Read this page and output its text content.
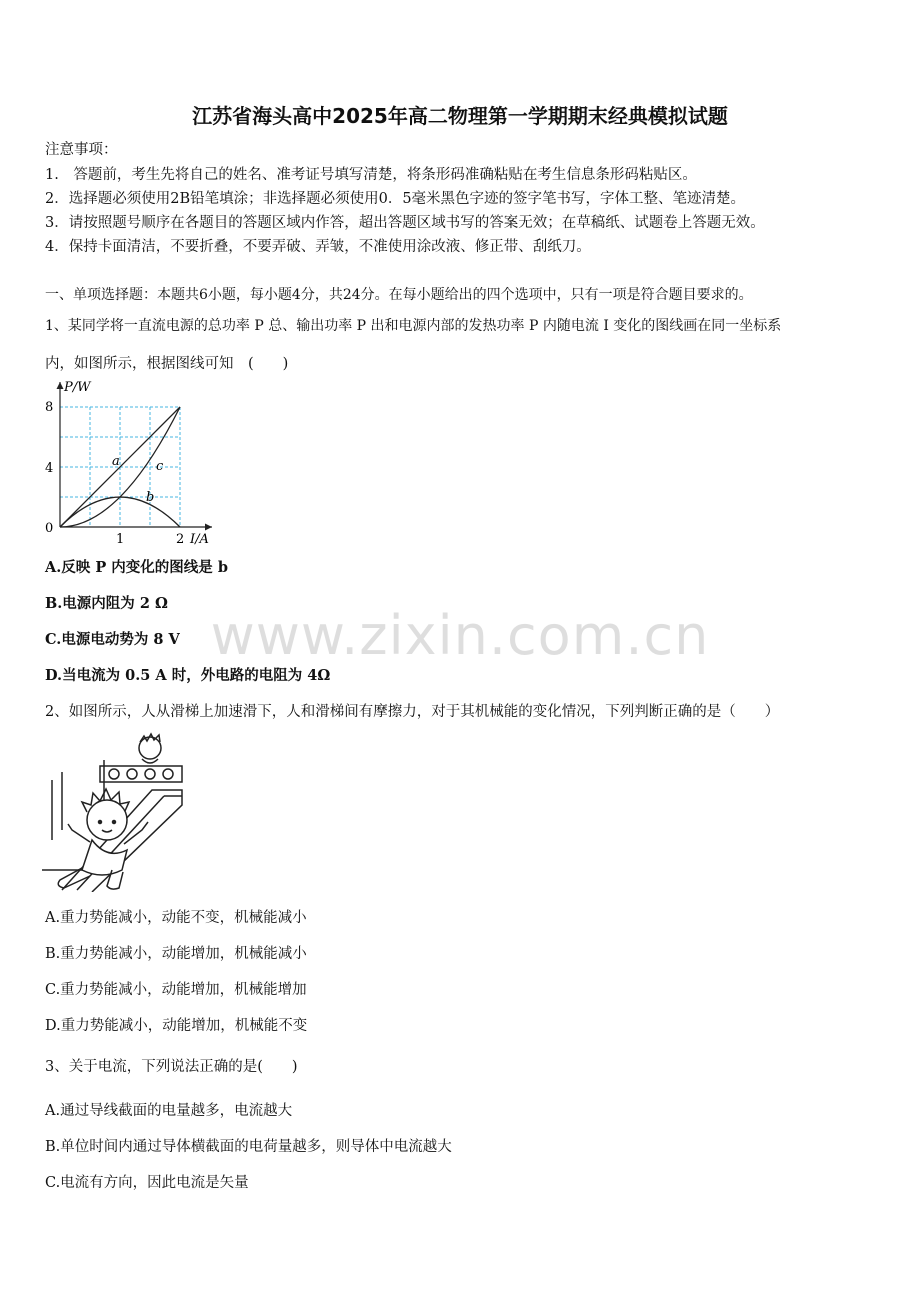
江苏省海头高中2025年高二物理第一学期期末经典模拟试题
注意事项：
1.　答题前，考生先将自己的姓名、准考证号填写清楚，将条形码准确粘贴在考生信息条形码粘贴区。
2．选择题必须使用2B铅笔填涂；非选择题必须使用0．5毫米黑色字迹的签字笔书写，字体工整、笔迹清楚。
3．请按照题号顺序在各题目的答题区域内作答，超出答题区域书写的答案无效；在草稿纸、试题卷上答题无效。
4．保持卡面清洁，不要折叠，不要弄破、弄皱，不准使用涂改液、修正带、刮纸刀。
一、单项选择题：本题共6小题，每小题4分，共24分。在每小题给出的四个选项中，只有一项是符合题目要求的。
1、某同学将一直流电源的总功率 P 总、输出功率 P 出和电源内部的发热功率 P 内随电流 I 变化的图线画在同一坐标系
内，如图所示，根据图线可知　(　　)
P/W
8
4
0
1	2 I/A
a	c
b
A.反映 P 内变化的图线是 b
B.电源内阻为 2 Ω
C.电源电动势为 8 V
D.当电流为 0.5 A 时，外电路的电阻为 4Ω
www.zixin.com.cn
2、如图所示，人从滑梯上加速滑下，人和滑梯间有摩擦力，对于其机械能的变化情况，下列判断正确的是（　　）
A.重力势能减小，动能不变，机械能减小
B.重力势能减小，动能增加，机械能减小
C.重力势能减小，动能增加，机械能增加
D.重力势能减小，动能增加，机械能不变
3、关于电流，下列说法正确的是(　　)
A.通过导线截面的电量越多，电流越大
B.单位时间内通过导体横截面的电荷量越多，则导体中电流越大
C.电流有方向，因此电流是矢量
